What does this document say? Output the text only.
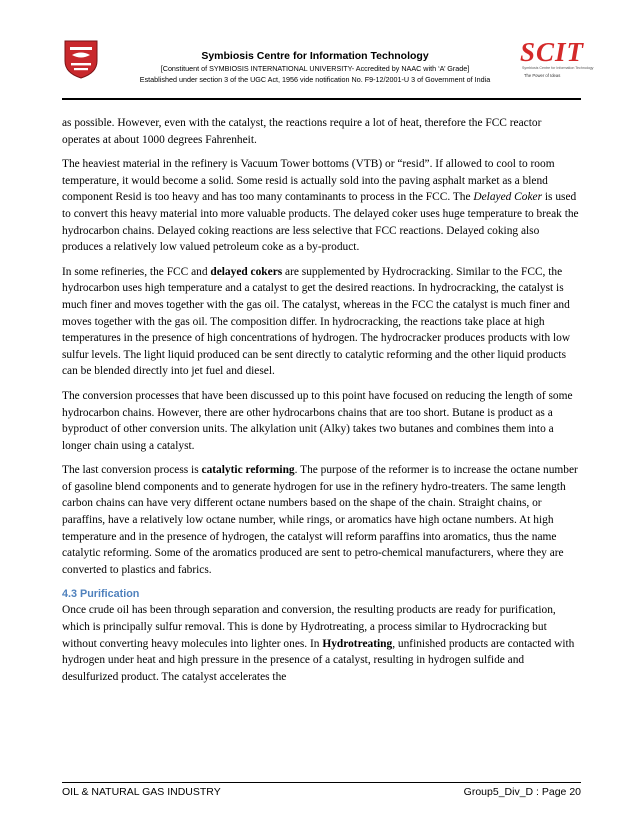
Symbiosis Centre for Information Technology
[Constituent of SYMBIOSIS INTERNATIONAL UNIVERSITY- Accredited by NAAC with ‘A’ Grade]
Established under section 3 of the UGC Act, 1956 vide notification No. F9-12/2001-U 3 of Government of India
SCIT
Symbiosis Centre for Information Technology
The Power of Ideas

as possible. However, even with the catalyst, the reactions require a lot of heat, therefore the FCC reactor operates at about 1000 degrees Fahrenheit.

The heaviest material in the refinery is Vacuum Tower bottoms (VTB) or “resid”. If allowed to cool to room temperature, it would become a solid. Some resid is actually sold into the paving asphalt market as a blend component Resid is too heavy and has too many contaminants to process in the FCC. The Delayed Coker is used to convert this heavy material into more valuable products. The delayed coker uses huge temperature to break the hydrocarbon chains. Delayed coking reactions are less selective that FCC reactions. Delayed coking also produces a relatively low valued petroleum coke as a by-product.

In some refineries, the FCC and delayed cokers are supplemented by Hydrocracking. Similar to the FCC, the hydrocarbon uses high temperature and a catalyst to get the desired reactions. In hydrocracking, the catalyst is much finer and moves together with the gas oil. The catalyst, whereas in the FCC the catalyst is much finer and moves together with the gas oil. The composition differ. In hydrocracking, the reactions take place at high temperatures in the presence of high concentrations of hydrogen. The hydrocracker produces products with low sulfur levels. The light liquid produced can be sent directly to catalytic reforming and the other liquid products can be blended directly into jet fuel and diesel.

The conversion processes that have been discussed up to this point have focused on reducing the length of some hydrocarbon chains. However, there are other hydrocarbons chains that are too short. Butane is product as a byproduct of other conversion units. The alkylation unit (Alky) takes two butanes and combines them into a longer chain using a catalyst.

The last conversion process is catalytic reforming. The purpose of the reformer is to increase the octane number of gasoline blend components and to generate hydrogen for use in the refinery hydro-treaters. The same length carbon chains can have very different octane numbers based on the shape of the chain. Straight chains, or paraffins, have a relatively low octane number, while rings, or aromatics have high octane numbers. At high temperature and in the presence of hydrogen, the catalyst will reform paraffins into aromatics, thus the name catalytic reforming. Some of the aromatics produced are sent to petro-chemical manufacturers, where they are converted to plastics and fabrics.

4.3 Purification

Once crude oil has been through separation and conversion, the resulting products are ready for purification, which is principally sulfur removal. This is done by Hydrotreating, a process similar to Hydrocracking but without converting heavy molecules into lighter ones. In Hydrotreating, unfinished products are contacted with hydrogen under heat and high pressure in the presence of a catalyst, resulting in hydrogen sulfide and desulfurized product. The catalyst accelerates the

OIL & NATURAL GAS INDUSTRY	Group5_Div_D : Page 20
